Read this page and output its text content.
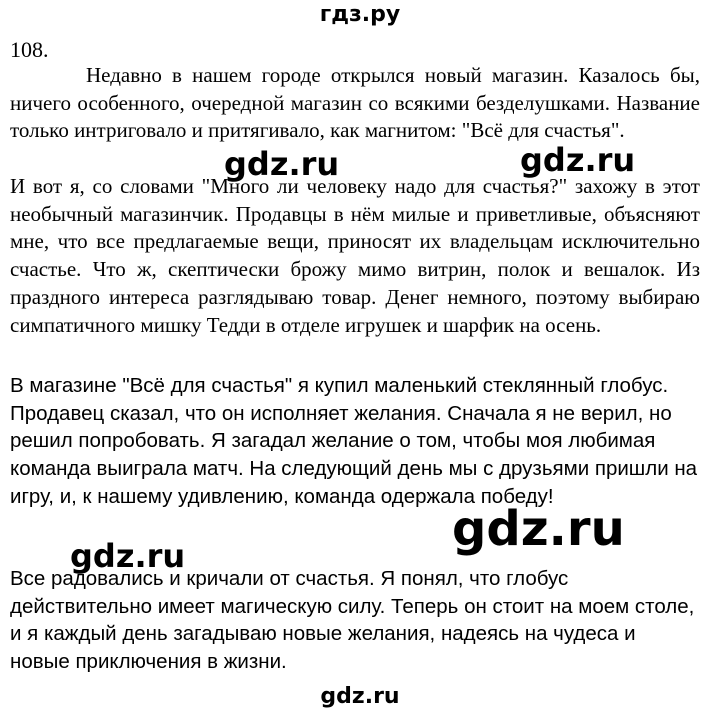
гдз.ру
108.
Недавно в нашем городе открылся новый магазин. Казалось бы, ничего особенного, очередной магазин со всякими безделушками. Название только интриговало и притягивало, как магнитом: "Всё для счастья".
И вот я, со словами "Много ли человеку надо для счастья?" захожу в этот необычный магазинчик. Продавцы в нём милые и приветливые, объясняют мне, что все предлагаемые вещи, приносят их владельцам исключительно счастье. Что ж, скептически брожу мимо витрин, полок и вешалок. Из праздного интереса разглядываю товар. Денег немного, поэтому выбираю симпатичного мишку Тедди в отделе игрушек и шарфик на осень.
В магазине "Всё для счастья" я купил маленький стеклянный глобус. Продавец сказал, что он исполняет желания. Сначала я не верил, но решил попробовать. Я загадал желание о том, чтобы моя любимая команда выиграла матч. На следующий день мы с друзьями пришли на игру, и, к нашему удивлению, команда одержала победу!
Все радовались и кричали от счастья. Я понял, что глобус действительно имеет магическую силу. Теперь он стоит на моем столе, и я каждый день загадываю новые желания, надеясь на чудеса и новые приключения в жизни.
gdz.ru	gdz.ru
gdz.ru
gdz.ru
gdz.ru
